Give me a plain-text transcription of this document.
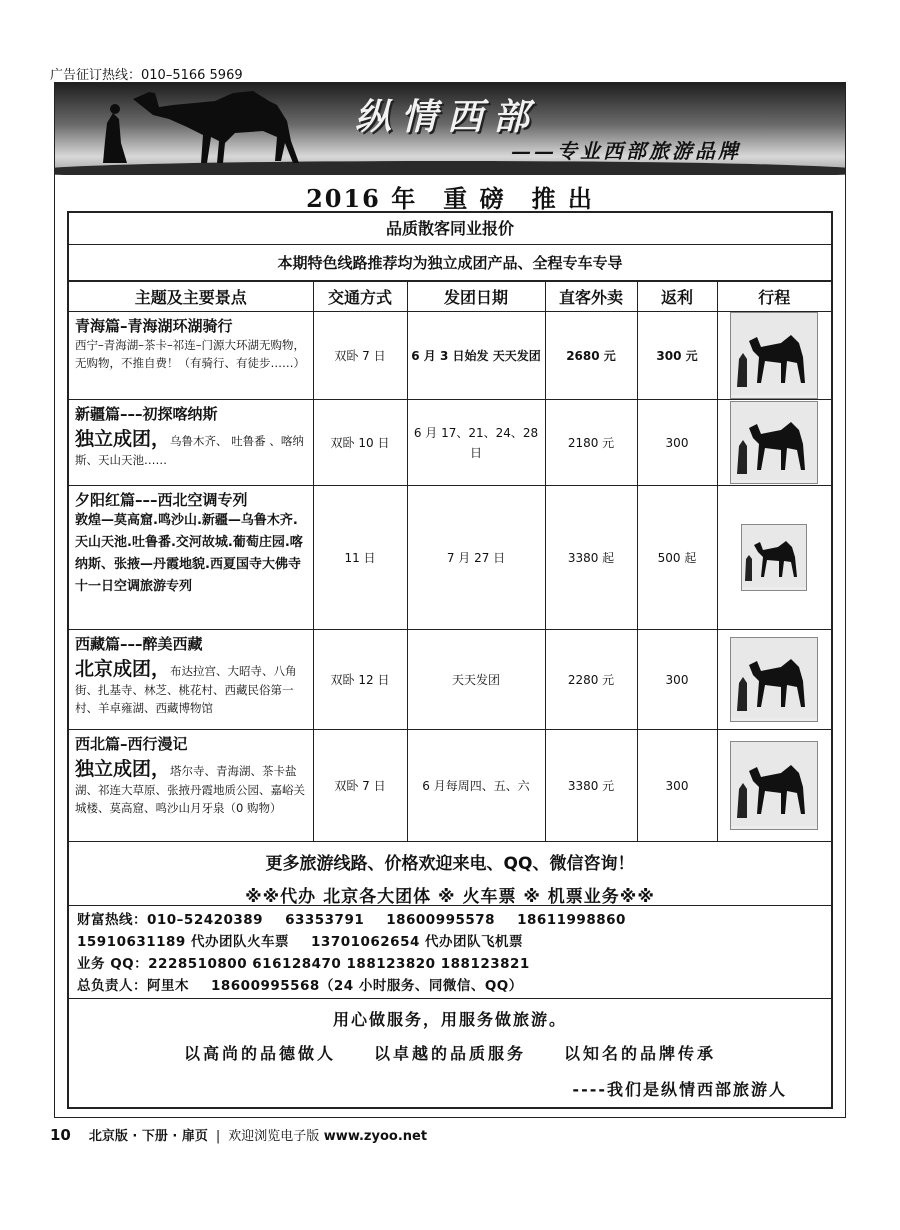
广告征订热线：010–5166 5969
纵情西部
——专业西部旅游品牌
2016 年　重 磅　推 出
品质散客同业报价
本期特色线路推荐均为独立成团产品、全程专车专导
主题及主要景点	交通方式	发团日期	直客外卖	返利	行程

青海篇–青海湖环湖骑行
西宁–青海湖–茶卡–祁连–门源大环湖无购物，无购物，不推自费！（有骑行、有徒步……）	双卧 7 日	6 月 3 日始发 天天发团	2680 元	300 元	

新疆篇–––初探喀纳斯
独立成团，乌鲁木齐、 吐鲁番 、喀纳斯、天山天池……	双卧 10 日	6 月 17、21、24、28 日	2180 元	300	

夕阳红篇–––西北空调专列
敦煌—莫高窟.鸣沙山.新疆—乌鲁木齐.天山天池.吐鲁番.交河故城.葡萄庄园.喀纳斯、张掖—丹霞地貌.西夏国寺大佛寺十一日空调旅游专列	11 日	7 月 27 日	3380 起	500 起	

西藏篇–––醉美西藏
北京成团，布达拉宫、大昭寺、八角街、扎基寺、林芝、桃花村、西藏民俗第一村、羊卓雍湖、西藏博物馆	双卧 12 日	天天发团	2280 元	300	

西北篇–西行漫记
独立成团，塔尔寺、青海湖、茶卡盐湖、祁连大草原、张掖丹霞地质公园、嘉峪关城楼、莫高窟、鸣沙山月牙泉（0 购物）	双卧 7 日	6 月每周四、五、六	3380 元	300	
更多旅游线路、价格欢迎来电、QQ、微信咨询！
※※代办 北京各大团体 ※ 火车票 ※ 机票业务※※
财富热线：010–52420389 63353791 18600995578 18611998860
15910631189 代办团队火车票 13701062654 代办团队飞机票
业务 QQ：2228510800 616128470 188123820 188123821
总负责人：阿里木 18600995568（24 小时服务、同微信、QQ）
用心做服务，用服务做旅游。
以高尚的品德做人 以卓越的品质服务 以知名的品牌传承
----我们是纵情西部旅游人
10 北京版 · 下册 · 扉页 | 欢迎浏览电子版 www.zyoo.net
